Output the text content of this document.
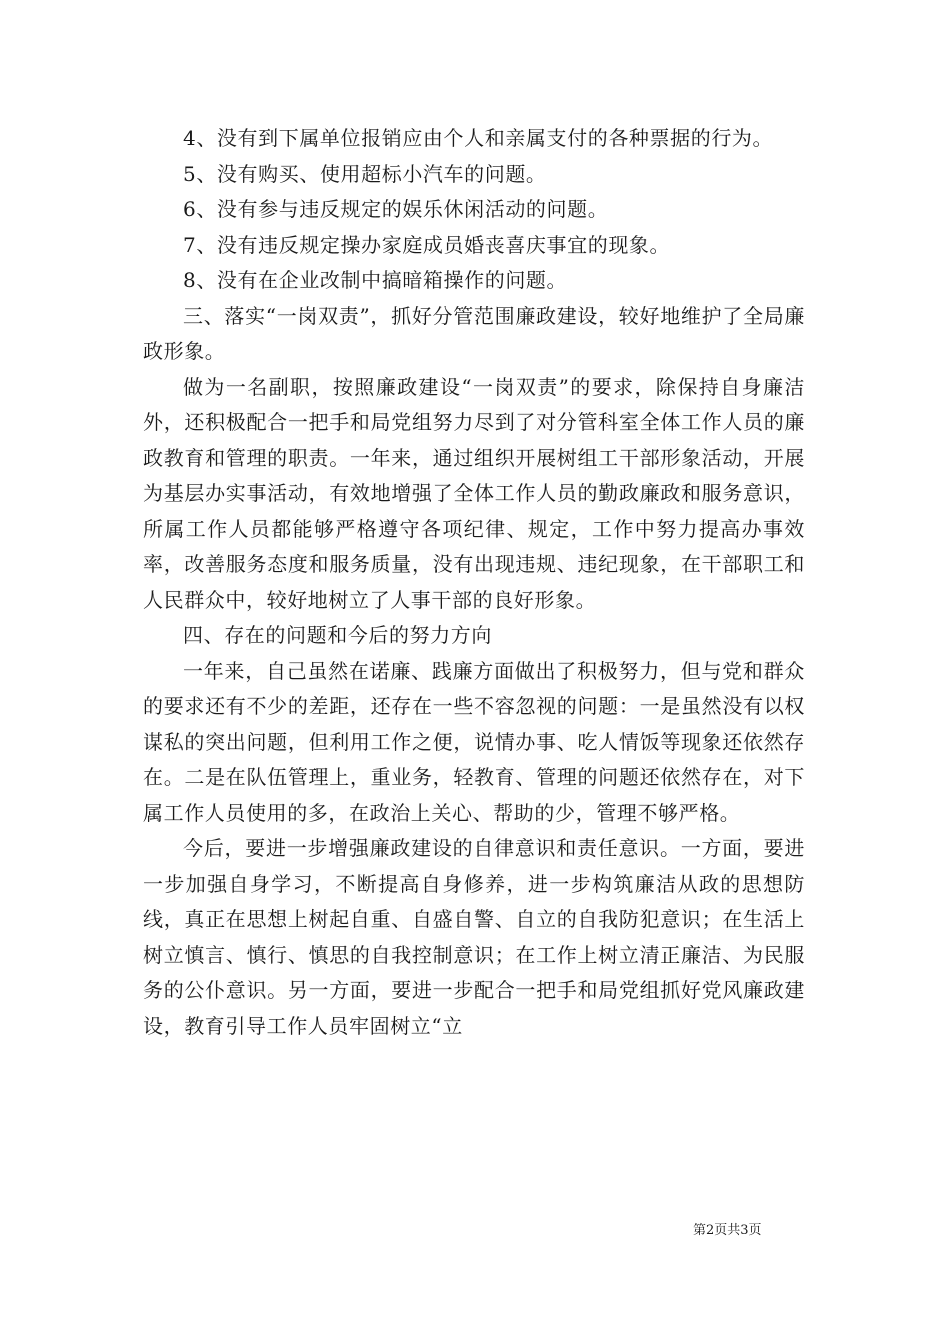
4、没有到下属单位报销应由个人和亲属支付的各种票据的行为。

5、没有购买、使用超标小汽车的问题。

6、没有参与违反规定的娱乐休闲活动的问题。

7、没有违反规定操办家庭成员婚丧喜庆事宜的现象。

8、没有在企业改制中搞暗箱操作的问题。

三、落实“一岗双责”，抓好分管范围廉政建设，较好地维护了全局廉政形象。

做为一名副职，按照廉政建设“一岗双责”的要求，除保持自身廉洁外，还积极配合一把手和局党组努力尽到了对分管科室全体工作人员的廉政教育和管理的职责。一年来，通过组织开展树组工干部形象活动，开展为基层办实事活动，有效地增强了全体工作人员的勤政廉政和服务意识，所属工作人员都能够严格遵守各项纪律、规定，工作中努力提高办事效率，改善服务态度和服务质量，没有出现违规、违纪现象，在干部职工和人民群众中，较好地树立了人事干部的良好形象。

四、存在的问题和今后的努力方向

一年来，自己虽然在诺廉、践廉方面做出了积极努力，但与党和群众的要求还有不少的差距，还存在一些不容忽视的问题：一是虽然没有以权谋私的突出问题，但利用工作之便，说情办事、吃人情饭等现象还依然存在。二是在队伍管理上，重业务，轻教育、管理的问题还依然存在，对下属工作人员使用的多，在政治上关心、帮助的少，管理不够严格。

今后，要进一步增强廉政建设的自律意识和责任意识。一方面，要进一步加强自身学习，不断提高自身修养，进一步构筑廉洁从政的思想防线，真正在思想上树起自重、自盛自警、自立的自我防犯意识；在生活上树立慎言、慎行、慎思的自我控制意识；在工作上树立清正廉洁、为民服务的公仆意识。另一方面，要进一步配合一把手和局党组抓好党风廉政建设，教育引导工作人员牢固树立“立

第2页共3页
